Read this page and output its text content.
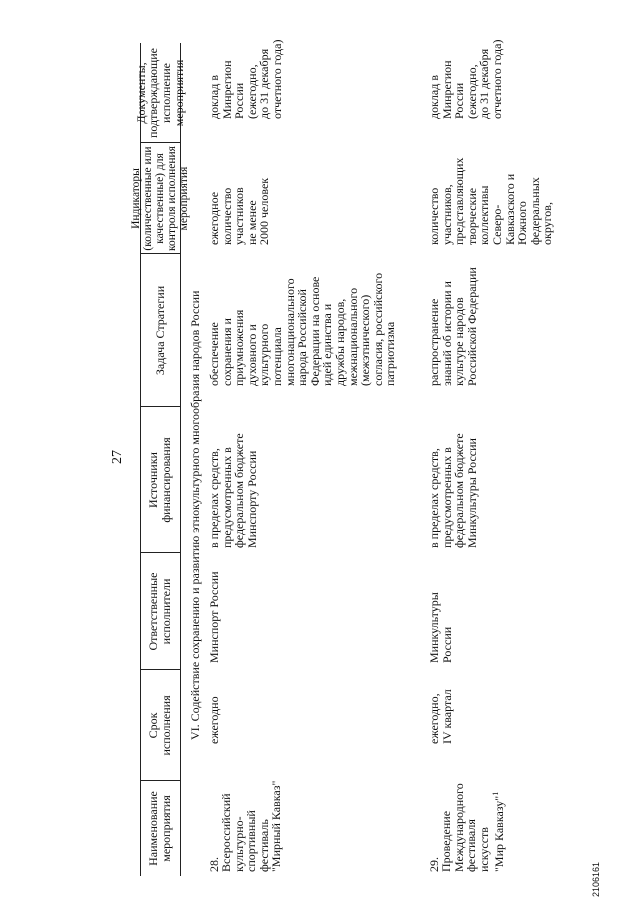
27
Наименование мероприятия
Срок исполнения
Ответственные исполнители
Источники финансирования
Задача Стратегии
Индикаторы (количественные или качественные) для контроля исполнения мероприятия
Документы, подтверждающие исполнение мероприятия
VI. Содействие сохранению и развитию этнокультурного многообразия народов России
28.
Всероссийский
культурно-
спортивный
фестиваль
"Мирный Кавказ"
ежегодно
Минспорт России
в пределах средств,
предусмотренных в
федеральном бюджете
Минспорту России
обеспечение
сохранения и
приумножения
духовного и
культурного
потенциала
многонационального
народа Российской
Федерации на основе
идей единства и
дружбы народов,
межнационального
(межэтнического)
согласия, российского
патриотизма
ежегодное
количество
участников
не менее
2000 человек
доклад в
Минрегион
России
(ежегодно,
до 31 декабря
отчетного года)
29.
Проведение
Международного
фестиваля
искусств
"Мир Кавказу"$^1$
ежегодно,
IV квартал
Минкультуры
России
в пределах средств,
предусмотренных в
федеральном бюджете
Минкультуры России
распространение
знаний об истории и
культуре народов
Российской Федерации
количество
участников,
представляющих
творческие
коллективы
Северо-
Кавказского и
Южного
федеральных
округов,
доклад в
Минрегион
России
(ежегодно,
до 31 декабря
отчетного года)
2106161
